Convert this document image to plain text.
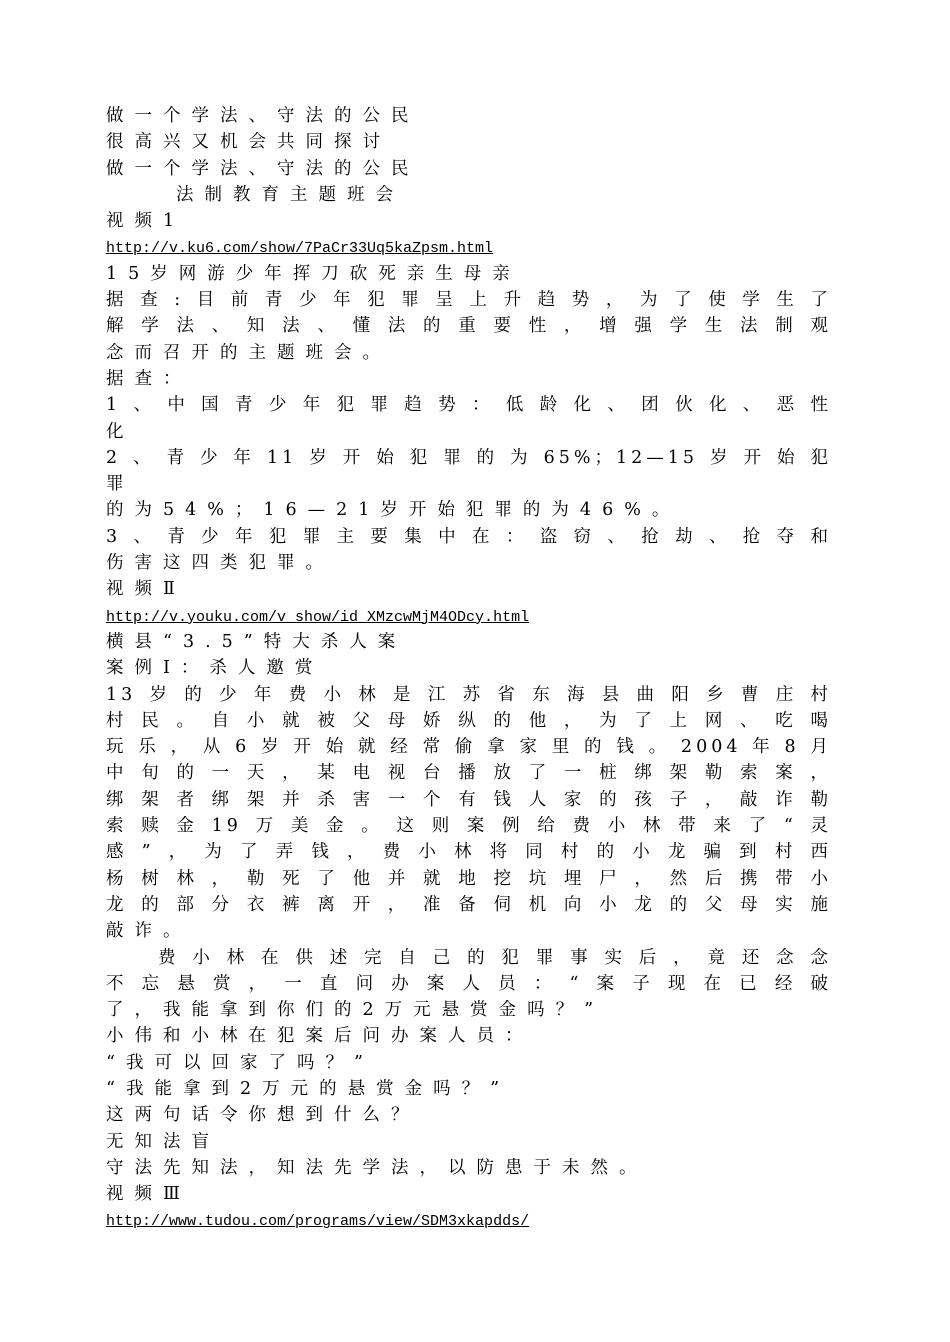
做一个学法、守法的公民
很高兴又机会共同探讨
做一个学法、守法的公民
法制教育主题班会
视频1
http://v.ku6.com/show/7PaCr33Uq5kaZpsm.html
15岁网游少年挥刀砍死亲生母亲
据查:目前青少年犯罪呈上升趋势，为了使学生了
解学法、知法、懂法的重要性，增强学生法制观
念而召开的主题班会。
据查：
1、中国青少年犯罪趋势：低龄化、团伙化、恶性
化
2、青少年11岁开始犯罪的为65%；12—15岁开始犯
罪
的为54%；16—21岁开始犯罪的为46%。
3、青少年犯罪主要集中在：盗窃、抢劫、抢夺和
伤害这四类犯罪。
视频Ⅱ
http://v.youku.com/v_show/id_XMzcwMjM4ODcy.html
横县“3.5”特大杀人案
案例Ⅰ：杀人邀赏
13岁的少年费小林是江苏省东海县曲阳乡曹庄村
村民。自小就被父母娇纵的他，为了上网、吃喝
玩乐，从6岁开始就经常偷拿家里的钱。2004年8月
中旬的一天，某电视台播放了一桩绑架勒索案，
绑架者绑架并杀害一个有钱人家的孩子，敲诈勒
索赎金19万美金。这则案例给费小林带来了“灵
感”，为了弄钱，费小林将同村的小龙骗到村西
杨树林，勒死了他并就地挖坑埋尸，然后携带小
龙的部分衣裤离开，准备伺机向小龙的父母实施
敲诈。
费小林在供述完自己的犯罪事实后，竟还念念
不忘悬赏，一直问办案人员：“案子现在已经破
了，我能拿到你们的2万元悬赏金吗？”
小伟和小林在犯案后问办案人员：
“我可以回家了吗？”
“我能拿到2万元的悬赏金吗？”
这两句话令你想到什么？
无知法盲
守法先知法，知法先学法，以防患于未然。
视频Ⅲ
http://www.tudou.com/programs/view/SDM3xkapdds/
